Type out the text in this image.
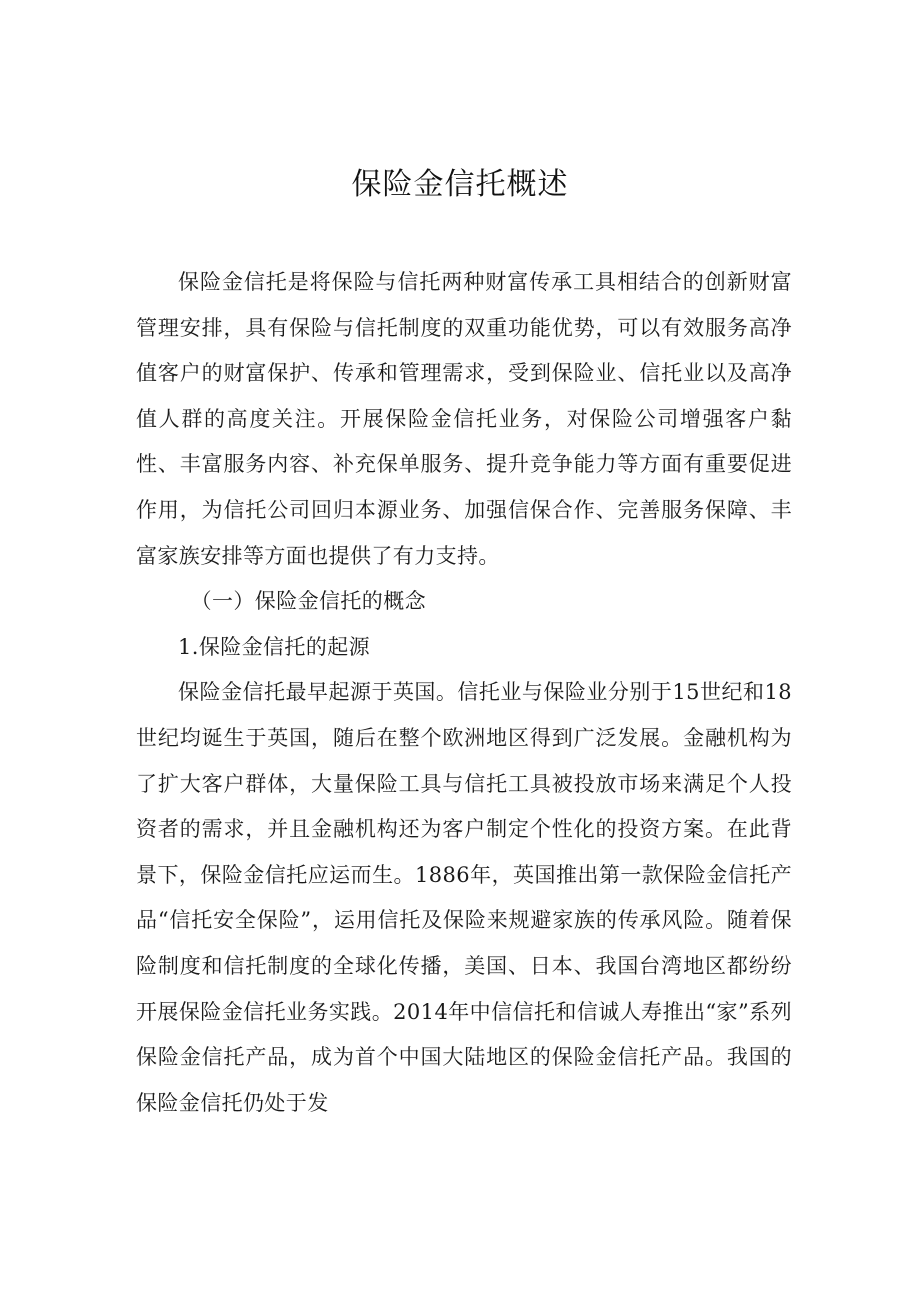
保险金信托概述

保险金信托是将保险与信托两种财富传承工具相结合的创新财富管理安排，具有保险与信托制度的双重功能优势，可以有效服务高净值客户的财富保护、传承和管理需求，受到保险业、信托业以及高净值人群的高度关注。开展保险金信托业务，对保险公司增强客户黏性、丰富服务内容、补充保单服务、提升竞争能力等方面有重要促进作用，为信托公司回归本源业务、加强信保合作、完善服务保障、丰富家族安排等方面也提供了有力支持。

（一）保险金信托的概念

1.保险金信托的起源

保险金信托最早起源于英国。信托业与保险业分别于15世纪和18世纪均诞生于英国，随后在整个欧洲地区得到广泛发展。金融机构为了扩大客户群体，大量保险工具与信托工具被投放市场来满足个人投资者的需求，并且金融机构还为客户制定个性化的投资方案。在此背景下，保险金信托应运而生。1886年，英国推出第一款保险金信托产品“信托安全保险”，运用信托及保险来规避家族的传承风险。随着保险制度和信托制度的全球化传播，美国、日本、我国台湾地区都纷纷开展保险金信托业务实践。2014年中信信托和信诚人寿推出“家”系列保险金信托产品，成为首个中国大陆地区的保险金信托产品。我国的保险金信托仍处于发
